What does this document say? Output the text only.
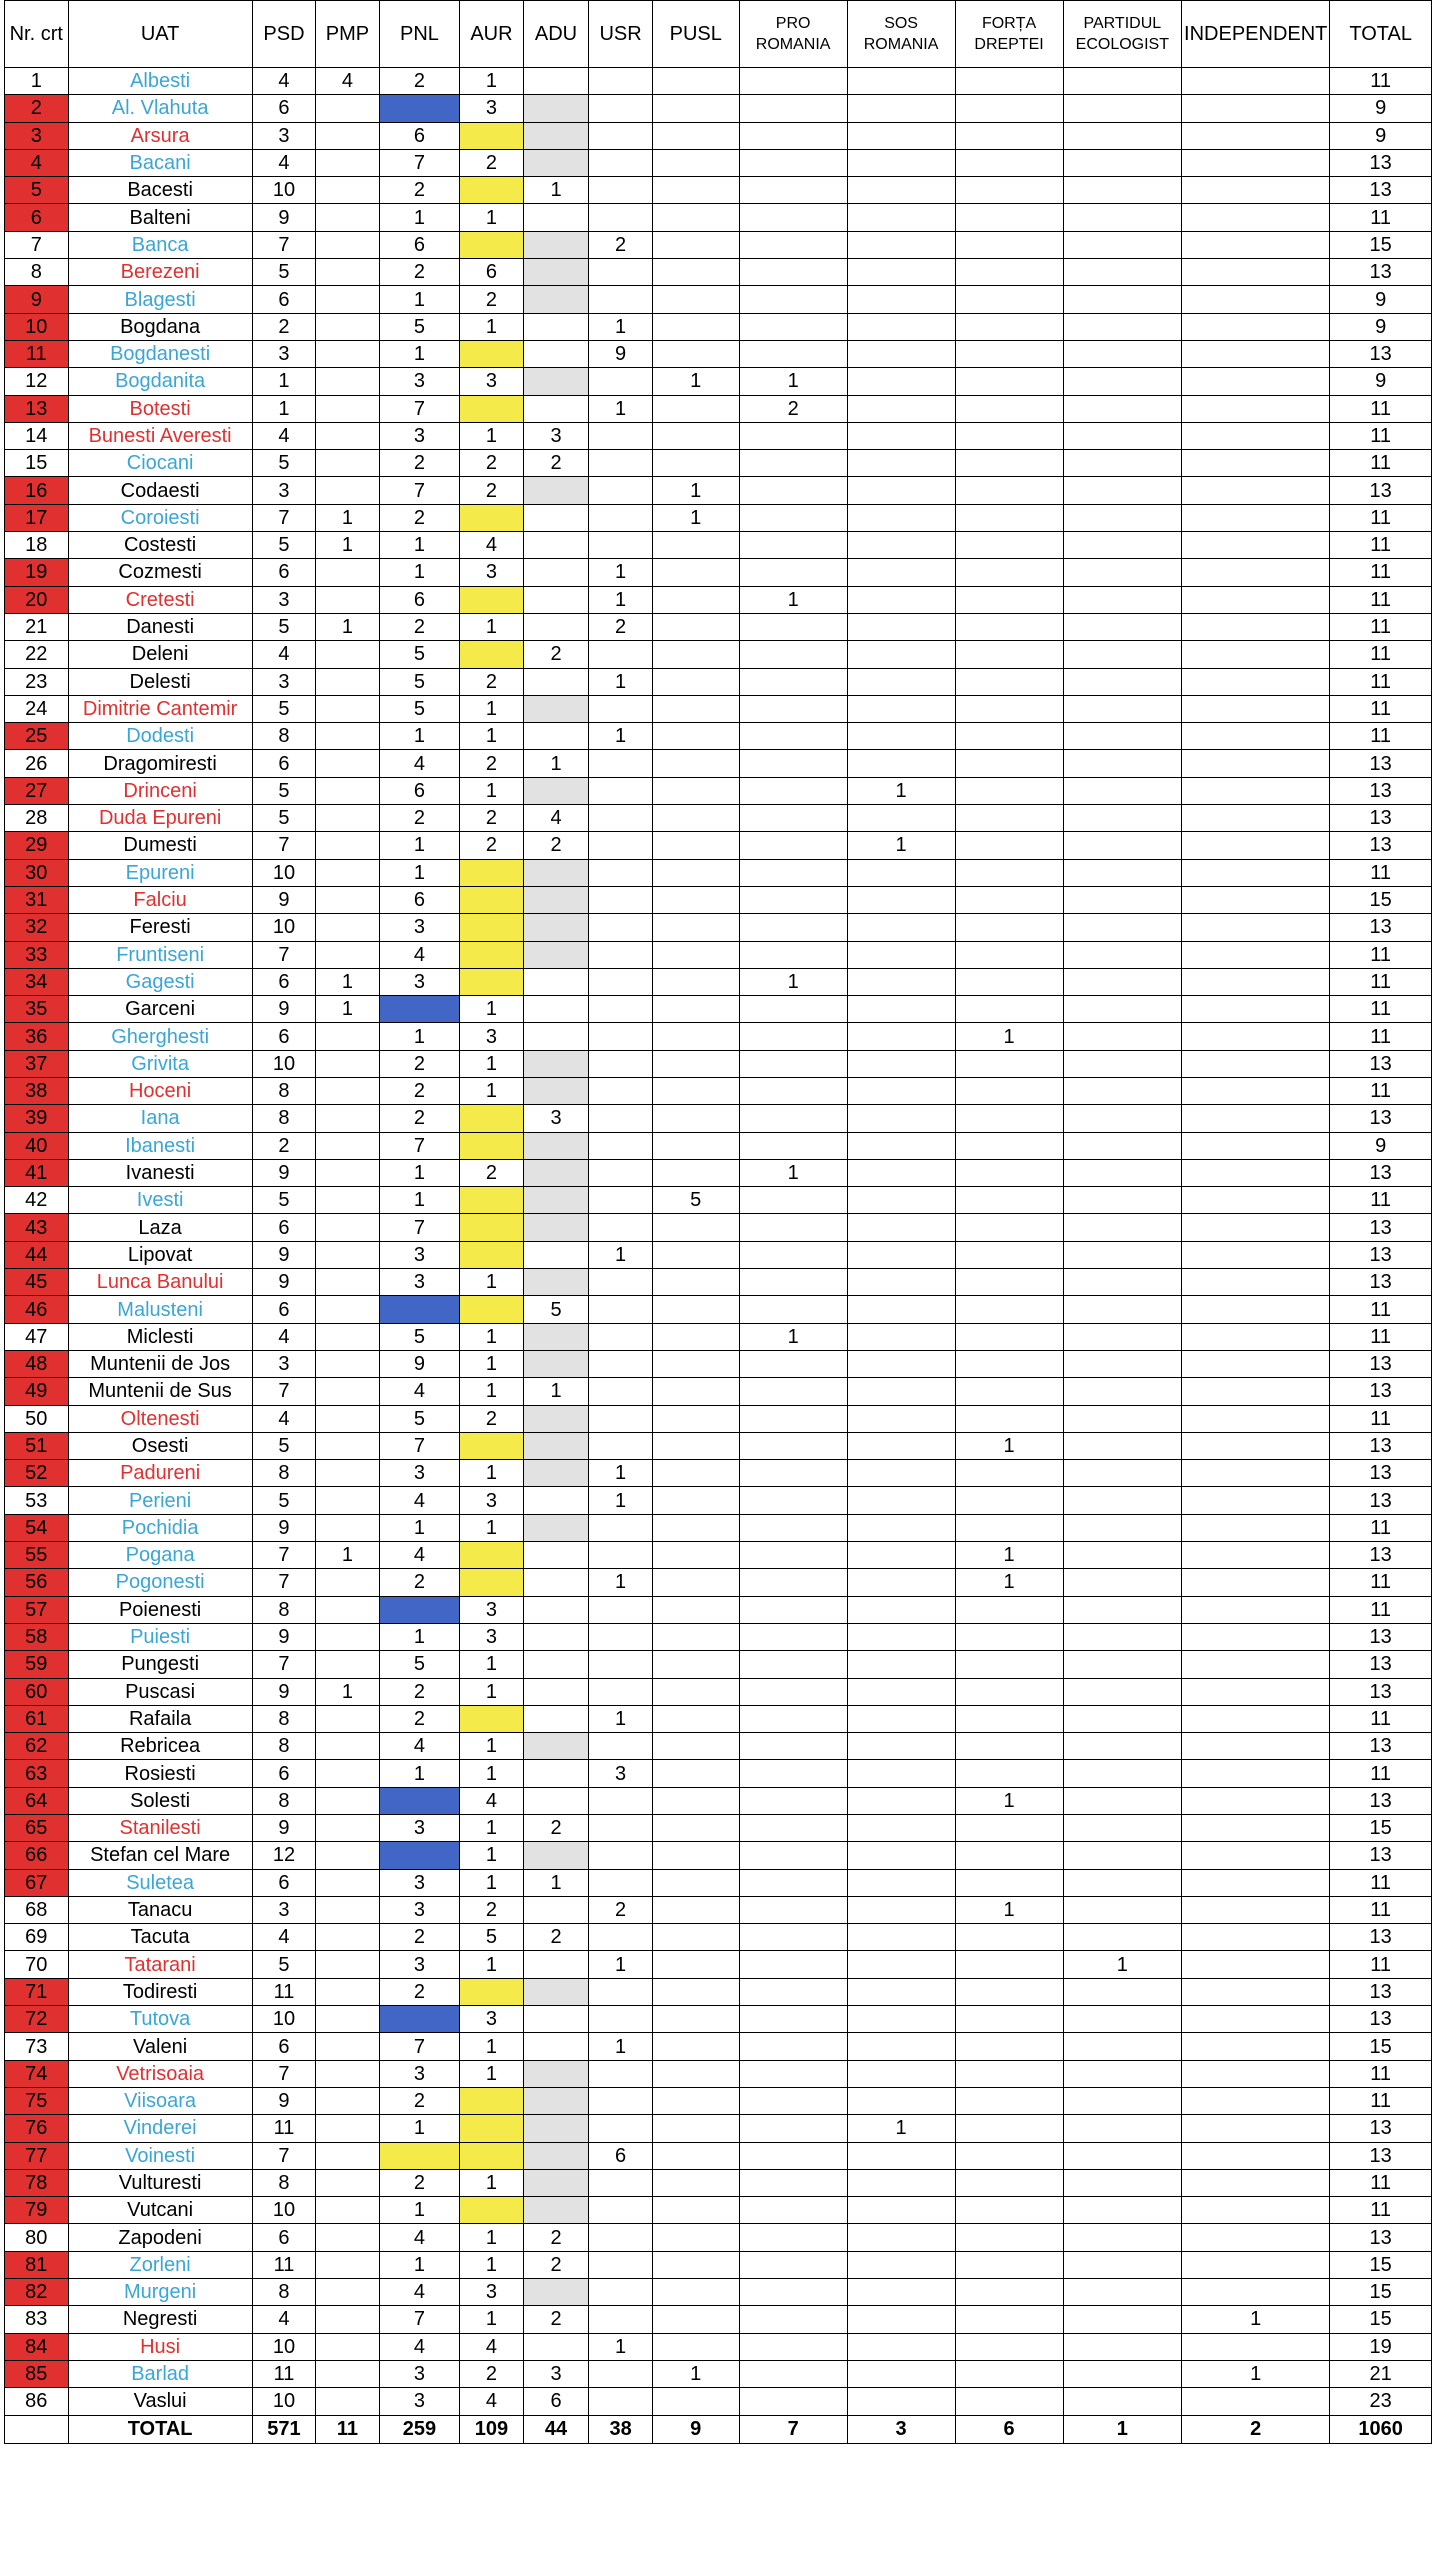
Nr. crt	UAT	PSD	PMP	PNL	AUR	ADU	USR	PUSL	PRO ROMANIA	SOS ROMANIA	FORȚA DREPTEI	PARTIDUL ECOLOGIST	INDEPENDENT	TOTAL
1	Albesti	4	4	2	1									11
2	Al. Vlahuta	6			3									9
3	Arsura	3		6										9
4	Bacani	4		7	2									13
5	Bacesti	10		2		1								13
6	Balteni	9		1	1									11
7	Banca	7		6			2							15
8	Berezeni	5		2	6									13
9	Blagesti	6		1	2									9
10	Bogdana	2		5	1		1							9
11	Bogdanesti	3		1			9							13
12	Bogdanita	1		3	3			1	1					9
13	Botesti	1		7			1		2					11
14	Bunesti Averesti	4		3	1	3								11
15	Ciocani	5		2	2	2								11
16	Codaesti	3		7	2			1						13
17	Coroiesti	7	1	2				1						11
18	Costesti	5	1	1	4									11
19	Cozmesti	6		1	3		1							11
20	Cretesti	3		6			1		1					11
21	Danesti	5	1	2	1		2							11
22	Deleni	4		5		2								11
23	Delesti	3		5	2		1							11
24	Dimitrie Cantemir	5		5	1									11
25	Dodesti	8		1	1		1							11
26	Dragomiresti	6		4	2	1								13
27	Drinceni	5		6	1					1				13
28	Duda Epureni	5		2	2	4								13
29	Dumesti	7		1	2	2				1				13
30	Epureni	10		1										11
31	Falciu	9		6										15
32	Feresti	10		3										13
33	Fruntiseni	7		4										11
34	Gagesti	6	1	3					1					11
35	Garceni	9	1		1									11
36	Gherghesti	6		1	3						1			11
37	Grivita	10		2	1									13
38	Hoceni	8		2	1									11
39	Iana	8		2		3								13
40	Ibanesti	2		7										9
41	Ivanesti	9		1	2				1					13
42	Ivesti	5		1				5						11
43	Laza	6		7										13
44	Lipovat	9		3			1							13
45	Lunca Banului	9		3	1									13
46	Malusteni	6				5								11
47	Miclesti	4		5	1				1					11
48	Muntenii de Jos	3		9	1									13
49	Muntenii de Sus	7		4	1	1								13
50	Oltenesti	4		5	2									11
51	Osesti	5		7							1			13
52	Padureni	8		3	1		1							13
53	Perieni	5		4	3		1							13
54	Pochidia	9		1	1									11
55	Pogana	7	1	4							1			13
56	Pogonesti	7		2			1				1			11
57	Poienesti	8			3									11
58	Puiesti	9		1	3									13
59	Pungesti	7		5	1									13
60	Puscasi	9	1	2	1									13
61	Rafaila	8		2			1							11
62	Rebricea	8		4	1									13
63	Rosiesti	6		1	1		3							11
64	Solesti	8			4						1			13
65	Stanilesti	9		3	1	2								15
66	Stefan cel Mare	12			1									13
67	Suletea	6		3	1	1								11
68	Tanacu	3		3	2		2				1			11
69	Tacuta	4		2	5	2								13
70	Tatarani	5		3	1		1					1		11
71	Todiresti	11		2										13
72	Tutova	10			3									13
73	Valeni	6		7	1		1							15
74	Vetrisoaia	7		3	1									11
75	Viisoara	9		2										11
76	Vinderei	11		1						1				13
77	Voinesti	7					6							13
78	Vulturesti	8		2	1									11
79	Vutcani	10		1										11
80	Zapodeni	6		4	1	2								13
81	Zorleni	11		1	1	2								15
82	Murgeni	8		4	3									15
83	Negresti	4		7	1	2							1	15
84	Husi	10		4	4		1							19
85	Barlad	11		3	2	3		1					1	21
86	Vaslui	10		3	4	6								23
	TOTAL	571	11	259	109	44	38	9	7	3	6	1	2	1060
